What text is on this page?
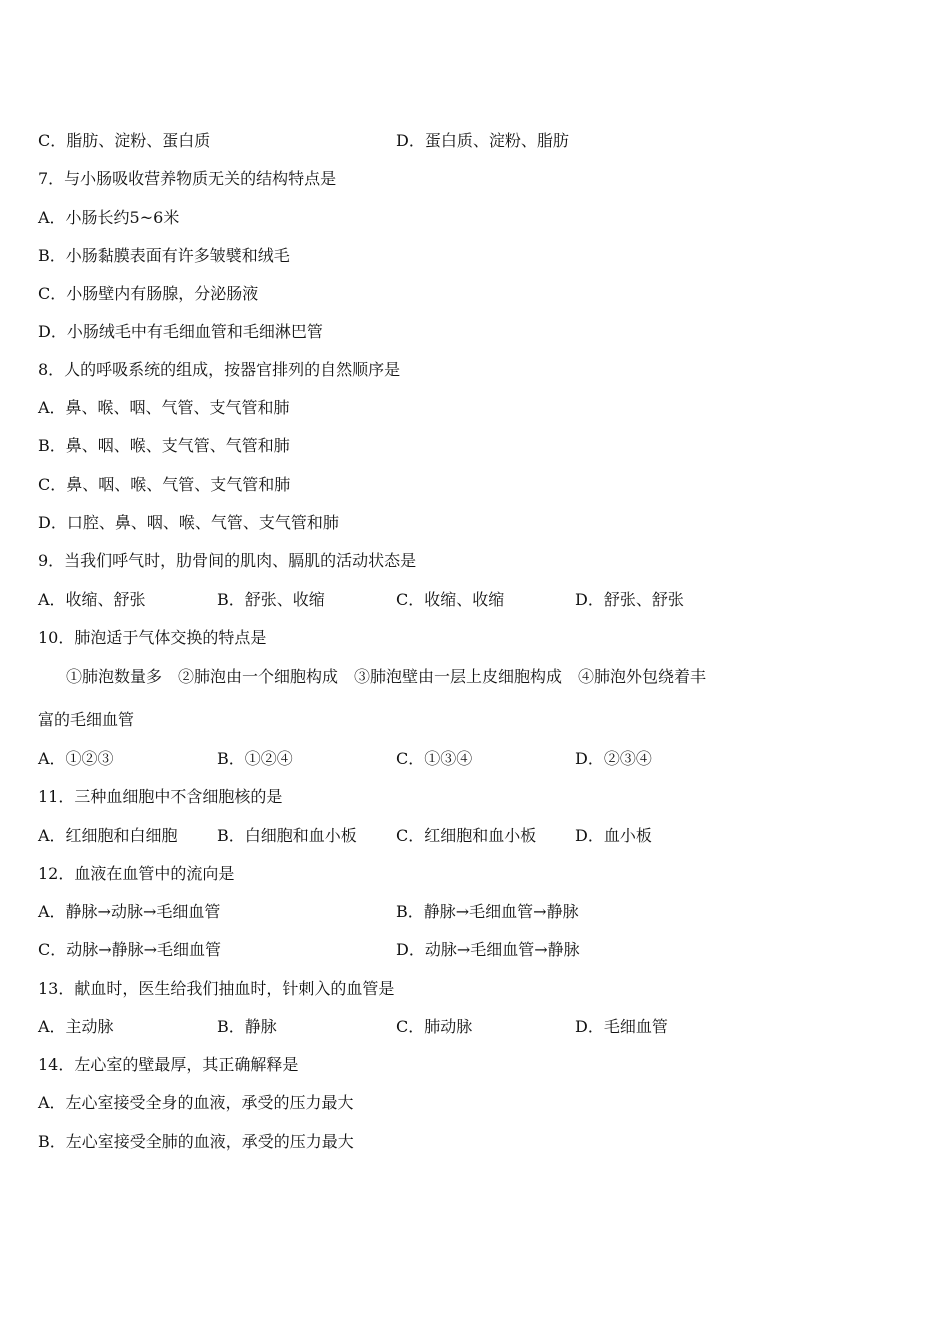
C．脂肪、淀粉、蛋白质	D．蛋白质、淀粉、脂肪
7．与小肠吸收营养物质无关的结构特点是
A．小肠长约5~6米
B．小肠黏膜表面有许多皱襞和绒毛
C．小肠壁内有肠腺，分泌肠液
D．小肠绒毛中有毛细血管和毛细淋巴管
8．人的呼吸系统的组成，按器官排列的自然顺序是
A．鼻、喉、咽、气管、支气管和肺
B．鼻、咽、喉、支气管、气管和肺
C．鼻、咽、喉、气管、支气管和肺
D．口腔、鼻、咽、喉、气管、支气管和肺
9．当我们呼气时，肋骨间的肌肉、膈肌的活动状态是
A．收缩、舒张	B．舒张、收缩	C．收缩、收缩	D．舒张、舒张
10．肺泡适于气体交换的特点是
①肺泡数量多　②肺泡由一个细胞构成　③肺泡壁由一层上皮细胞构成　④肺泡外包绕着丰
富的毛细血管
A．①②③	B．①②④	C．①③④	D．②③④
11．三种血细胞中不含细胞核的是
A．红细胞和白细胞 B．白细胞和血小板 C．红细胞和血小板 D．血小板
12．血液在血管中的流向是
A．静脉→动脉→毛细血管	B．静脉→毛细血管→静脉
C．动脉→静脉→毛细血管	D．动脉→毛细血管→静脉
13．献血时，医生给我们抽血时，针刺入的血管是
A．主动脉	B．静脉	C．肺动脉	D．毛细血管
14．左心室的壁最厚，其正确解释是
A．左心室接受全身的血液，承受的压力最大
B．左心室接受全肺的血液，承受的压力最大
